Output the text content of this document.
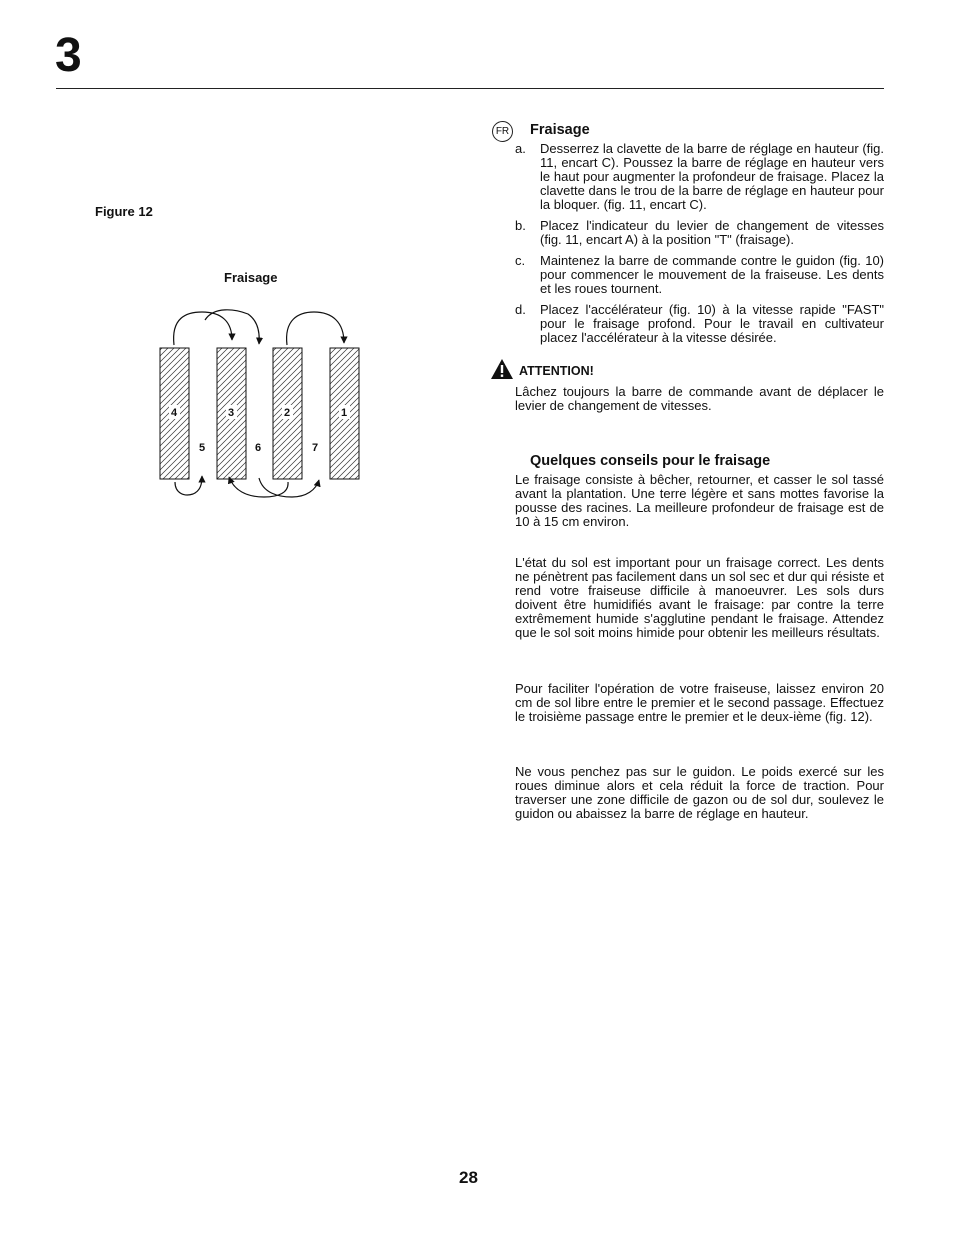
3
Figure 12
Fraisage
4	3	2	1
5	6	7
FR Fraisage
a. Desserrez la clavette de la barre de réglage en hauteur (fig. 11, encart C). Poussez la barre de réglage en hauteur vers le haut pour augmenter la profondeur de fraisage. Placez la clavette dans le trou de la barre de réglage en hauteur pour la bloquer. (fig. 11, encart C).
b. Placez l'indicateur du levier de changement de vitesses (fig. 11, encart A) à la position "T" (fraisage).
c. Maintenez la barre de commande contre le guidon (fig. 10) pour commencer le mouvement de la fraiseuse. Les dents et les roues tournent.
d. Placez l'accélérateur (fig. 10) à la vitesse rapide "FAST" pour le fraisage profond. Pour le travail en cultivateur placez l'accélérateur à la vitesse désirée.
ATTENTION!
Lâchez toujours la barre de commande avant de déplacer le levier de changement de vitesses.
Quelques conseils pour le fraisage
Le fraisage consiste à bêcher, retourner, et casser le sol tassé avant la plantation. Une terre légère et sans mottes favorise la pousse des racines. La meilleure profondeur de fraisage est de 10 à 15 cm environ.
L'état du sol est important pour un fraisage correct. Les dents ne pénètrent pas facilement dans un sol sec et dur qui résiste et rend votre fraiseuse difficile à manoeuvrer. Les sols durs doivent être humidifiés avant le fraisage: par contre la terre extrêmement humide s'agglutine pendant le fraisage. Attendez que le sol soit moins himide pour obtenir les meilleurs résultats.
Pour faciliter l'opération de votre fraiseuse, laissez environ 20 cm de sol libre entre le premier et le second passage. Effectuez le troisième passage entre le premier et le deux-ième (fig. 12).
Ne vous penchez pas sur le guidon. Le poids exercé sur les roues diminue alors et cela réduit la force de traction. Pour traverser une zone difficile de gazon ou de sol dur, soulevez le guidon ou abaissez la barre de réglage en hauteur.
28
